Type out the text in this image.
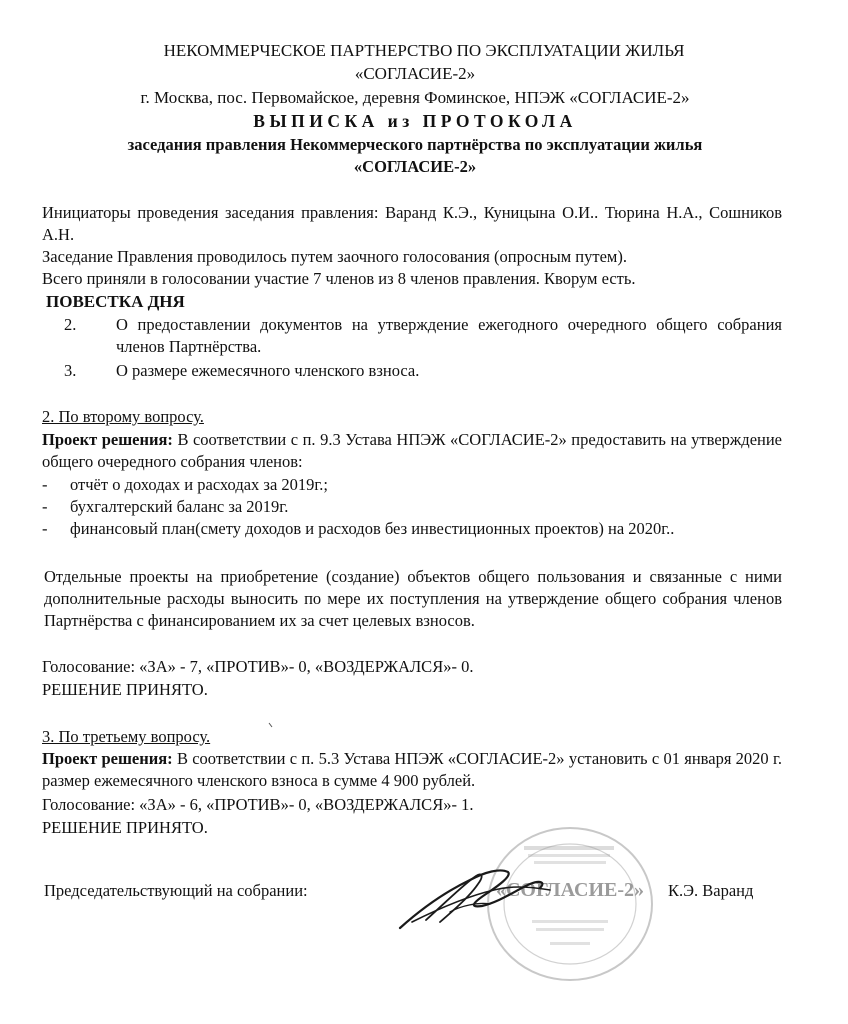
НЕКОММЕРЧЕСКОЕ ПАРТНЕРСТВО ПО ЭКСПЛУАТАЦИИ ЖИЛЬЯ

«СОГЛАСИЕ-2»

г. Москва, пос. Первомайское, деревня Фоминское, НПЭЖ «СОГЛАСИЕ-2»

ВЫПИСКА из ПРОТОКОЛА

заседания правления Некоммерческого партнёрства по эксплуатации жилья

«СОГЛАСИЕ-2»

Инициаторы проведения заседания правления: Варанд К.Э., Куницына О.И.. Тюрина Н.А., Сошников А.Н.
Заседание Правления проводилось путем заочного голосования (опросным путем).
Всего приняли в голосовании участие 7 членов из 8 членов правления. Кворум есть.
ПОВЕСТКА ДНЯ
2. О предоставлении документов на утверждение ежегодного очередного общего собрания членов Партнёрства.
3. О размере ежемесячного членского взноса.
2. По второму вопросу.
Проект решения: В соответствии с п. 9.3 Устава НПЭЖ «СОГЛАСИЕ-2» предоставить на утверждение общего очередного собрания членов:
-	отчёт о доходах и расходах за 2019г.;
-	бухгалтерский баланс за 2019г.
-	финансовый план(смету доходов и расходов без инвестиционных проектов) на 2020г..
Отдельные проекты на приобретение (создание) объектов общего пользования и связанные с ними дополнительные расходы выносить по мере их поступления на утверждение общего собрания членов Партнёрства с финансированием их за счет целевых взносов.
Голосование: «ЗА» - 7, «ПРОТИВ»- 0, «ВОЗДЕРЖАЛСЯ»- 0.
РЕШЕНИЕ ПРИНЯТО.
3. По третьему вопросу.
Проект решения: В соответствии с п. 5.3 Устава НПЭЖ «СОГЛАСИЕ-2» установить с 01 января 2020 г. размер ежемесячного членского взноса в сумме 4 900 рублей.
Голосование: «ЗА» - 6, «ПРОТИВ»- 0, «ВОЗДЕРЖАЛСЯ»- 1.
РЕШЕНИЕ ПРИНЯТО.
Председательствующий на собрании:	К.Э. Варанд
«СОГЛАСИЕ-2»
